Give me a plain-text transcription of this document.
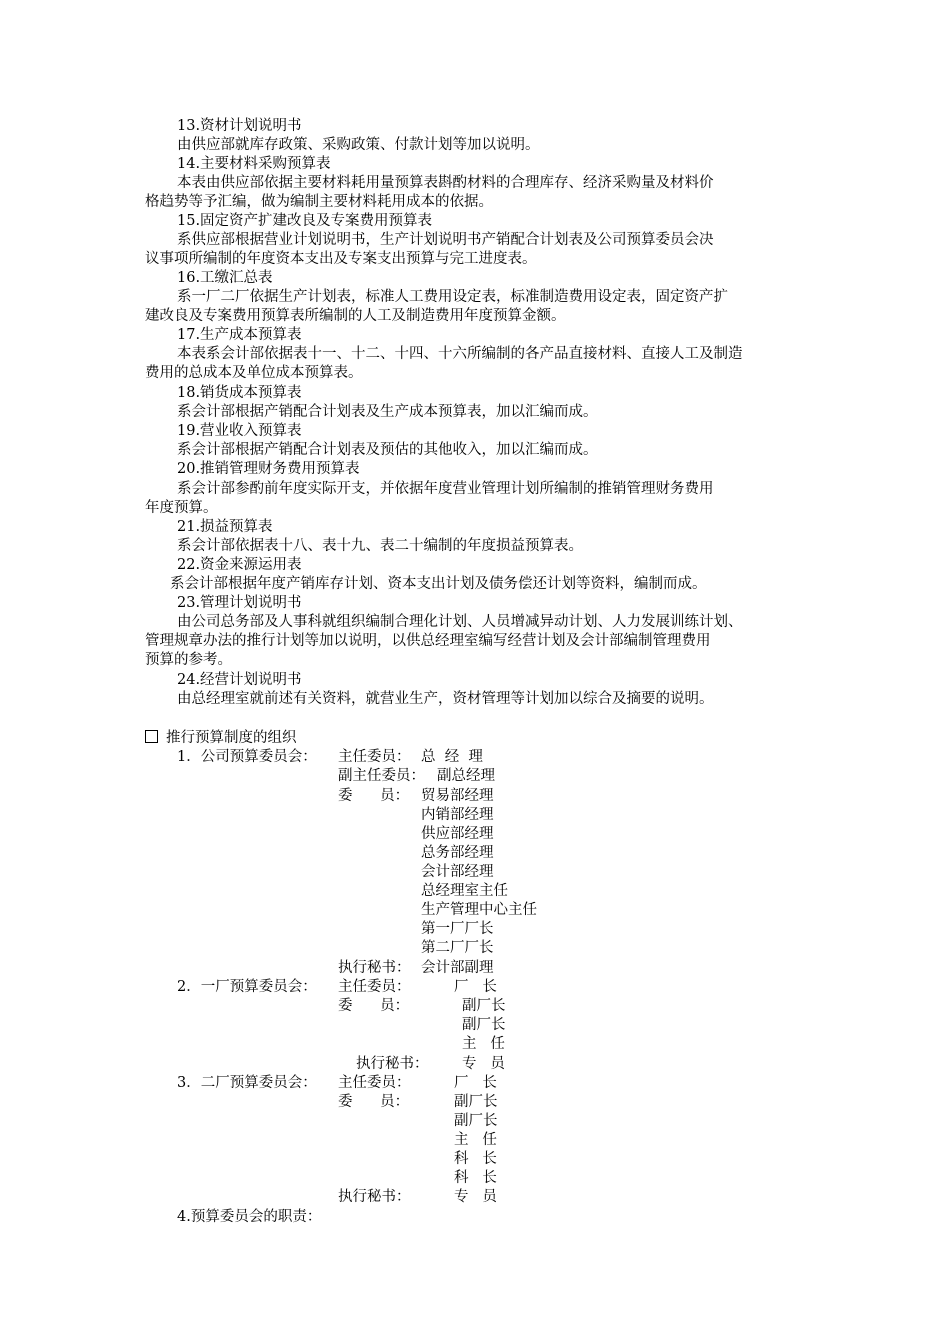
13.资材计划说明书
由供应部就库存政策、采购政策、付款计划等加以说明。
14.主要材料采购预算表
本表由供应部依据主要材料耗用量预算表斟酌材料的合理库存、经济采购量及材料价
格趋势等予汇编，做为编制主要材料耗用成本的依据。
15.固定资产扩建改良及专案费用预算表
系供应部根据营业计划说明书，生产计划说明书产销配合计划表及公司预算委员会决
议事项所编制的年度资本支出及专案支出预算与完工进度表。
16.工缴汇总表
系一厂二厂依据生产计划表，标准人工费用设定表，标准制造费用设定表，固定资产扩
建改良及专案费用预算表所编制的人工及制造费用年度预算金额。
17.生产成本预算表
本表系会计部依据表十一、十二、十四、十六所编制的各产品直接材料、直接人工及制造
费用的总成本及单位成本预算表。
18.销货成本预算表
系会计部根据产销配合计划表及生产成本预算表，加以汇编而成。
19.营业收入预算表
系会计部根据产销配合计划表及预估的其他收入，加以汇编而成。
20.推销管理财务费用预算表
系会计部参酌前年度实际开支，并依据年度营业管理计划所编制的推销管理财务费用
年度预算。
21.损益预算表
系会计部依据表十八、表十九、表二十编制的年度损益预算表。
22.资金来源运用表
系会计部根据年度产销库存计划、资本支出计划及债务偿还计划等资料，编制而成。
23.管理计划说明书
由公司总务部及人事科就组织编制合理化计划、人员增减异动计划、人力发展训练计划、
管理规章办法的推行计划等加以说明，以供总经理室编写经营计划及会计部编制管理费用
预算的参考。
24.经营计划说明书
由总经理室就前述有关资料，就营业生产，资材管理等计划加以综合及摘要的说明。
推行预算制度的组织
1．公司预算委员会： 主任委员： 总  经  理
副主任委员： 副总经理
委      员： 贸易部经理
内销部经理
供应部经理
总务部经理
会计部经理
总经理室主任
生产管理中心主任
第一厂厂长
第二厂厂长
执行秘书： 会计部副理
2．一厂预算委员会： 主任委员：	厂   长
委      员：	副厂长
副厂长
主   任
执行秘书： 专   员
3．二厂预算委员会： 主任委员：	厂   长
委      员：	副厂长
副厂长
主   任
科   长
科   长
执行秘书：	专   员
4.预算委员会的职责：
